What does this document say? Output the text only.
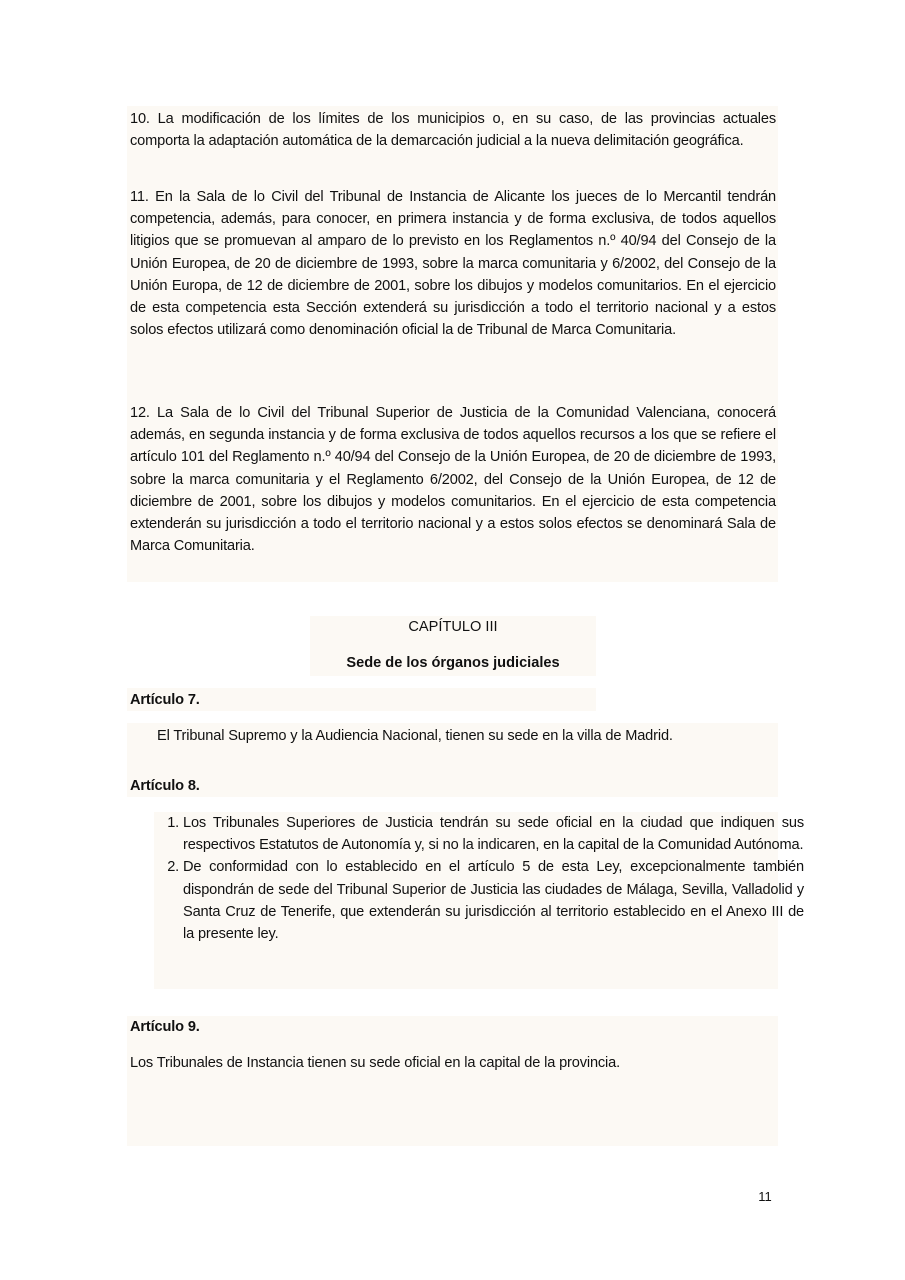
10. La modificación de los límites de los municipios o, en su caso, de las provincias actuales comporta la adaptación automática de la demarcación judicial a la nueva delimitación geográfica.

11. En la Sala de lo Civil del Tribunal de Instancia de Alicante los jueces de lo Mercantil tendrán competencia, además, para conocer, en primera instancia y de forma exclusiva, de todos aquellos litigios que se promuevan al amparo de lo previsto en los Reglamentos n.º 40/94 del Consejo de la Unión Europea, de 20 de diciembre de 1993, sobre la marca comunitaria y 6/2002, del Consejo de la Unión Europa, de 12 de diciembre de 2001, sobre los dibujos y modelos comunitarios. En el ejercicio de esta competencia esta Sección extenderá su jurisdicción a todo el territorio nacional y a estos solos efectos utilizará como denominación oficial la de Tribunal de Marca Comunitaria.

12. La Sala de lo Civil del Tribunal Superior de Justicia de la Comunidad Valenciana, conocerá además, en segunda instancia y de forma exclusiva de todos aquellos recursos a los que se refiere el artículo 101 del Reglamento n.º 40/94 del Consejo de la Unión Europea, de 20 de diciembre de 1993, sobre la marca comunitaria y el Reglamento 6/2002, del Consejo de la Unión Europea, de 12 de diciembre de 2001, sobre los dibujos y modelos comunitarios. En el ejercicio de esta competencia extenderán su jurisdicción a todo el territorio nacional y a estos solos efectos se denominará Sala de Marca Comunitaria.

CAPÍTULO III

Sede de los órganos judiciales

Artículo 7.

El Tribunal Supremo y la Audiencia Nacional, tienen su sede en la villa de Madrid.

Artículo 8.

1. Los Tribunales Superiores de Justicia tendrán su sede oficial en la ciudad que indiquen sus respectivos Estatutos de Autonomía y, si no la indicaren, en la capital de la Comunidad Autónoma.
2. De conformidad con lo establecido en el artículo 5 de esta Ley, excepcionalmente también dispondrán de sede del Tribunal Superior de Justicia las ciudades de Málaga, Sevilla, Valladolid y Santa Cruz de Tenerife, que extenderán su jurisdicción al territorio establecido en el Anexo III de la presente ley.

Artículo 9.

Los Tribunales de Instancia tienen su sede oficial en la capital de la provincia.

11
